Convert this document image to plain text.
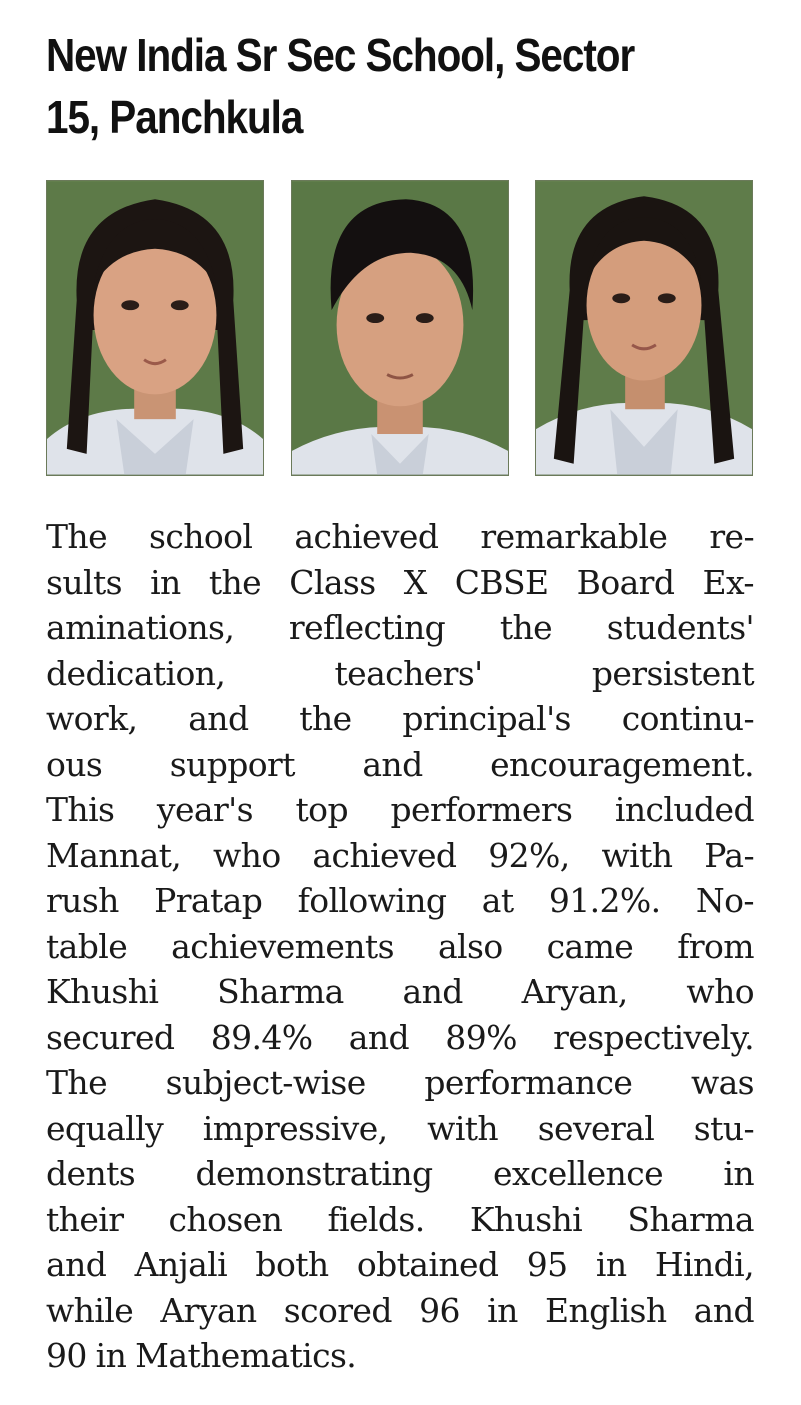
New India Sr Sec School, Sector
15, Panchkula
The school achieved remarkable re-
sults in the Class X CBSE Board Ex-
aminations, reflecting the students'
dedication, teachers' persistent
work, and the principal's continu-
ous support and encouragement.
This year's top performers included
Mannat, who achieved 92%, with Pa-
rush Pratap following at 91.2%. No-
table achievements also came from
Khushi Sharma and Aryan, who
secured 89.4% and 89% respectively.
The subject-wise performance was
equally impressive, with several stu-
dents demonstrating excellence in
their chosen fields. Khushi Sharma
and Anjali both obtained 95 in Hindi,
while Aryan scored 96 in English and
90 in Mathematics.
